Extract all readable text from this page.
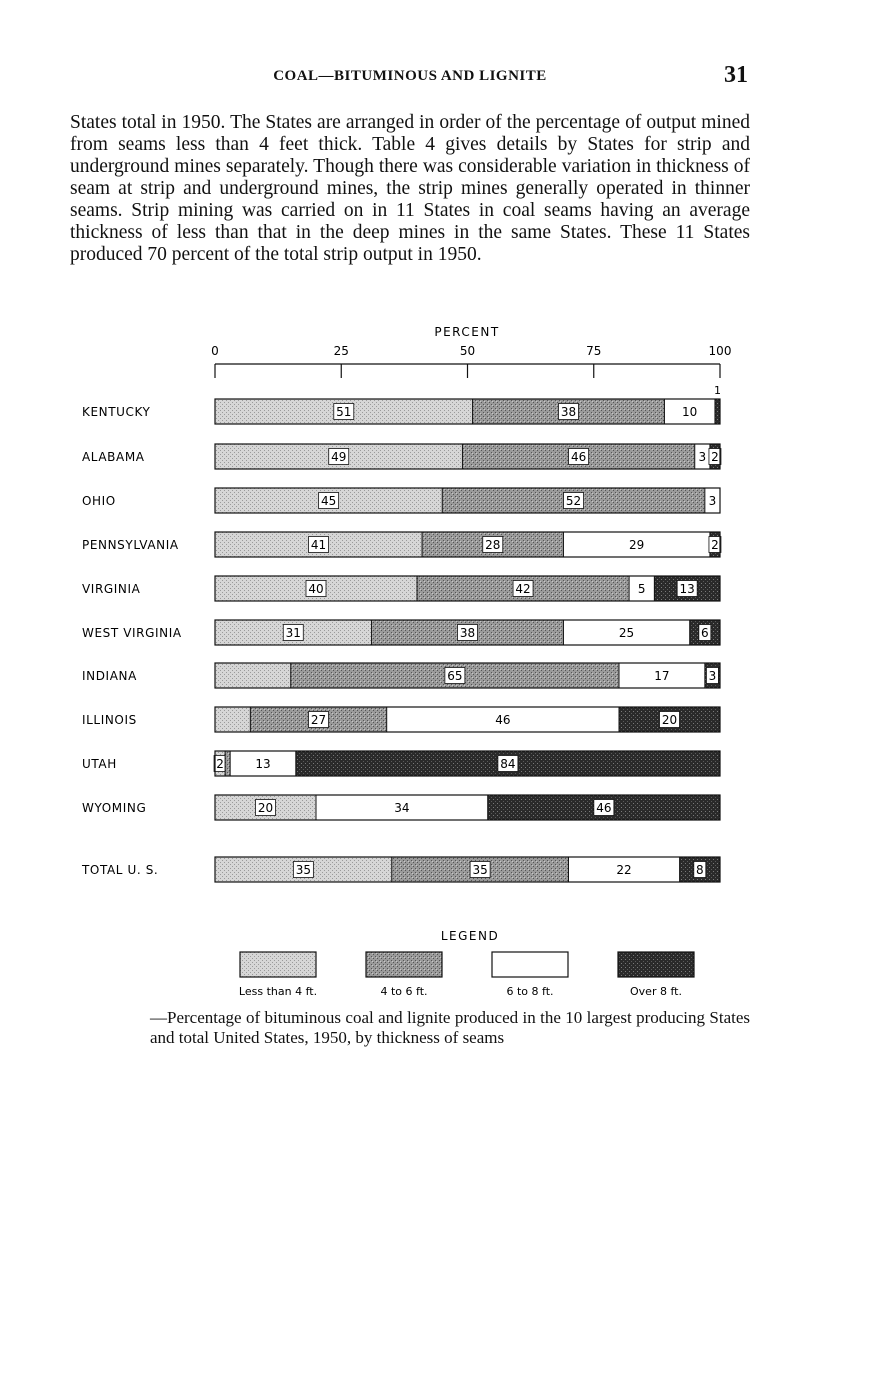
COAL—BITUMINOUS AND LIGNITE	31

States total in 1950. The States are arranged in order of the percentage of output mined from seams less than 4 feet thick. Table 4 gives details by States for strip and underground mines separately. Though there was considerable variation in thickness of seam at strip and underground mines, the strip mines generally operated in thinner seams. Strip mining was carried on in 11 States in coal seams having an average thickness of less than that in the deep mines in the same States. These 11 States produced 70 percent of the total strip output in 1950.

PERCENT
0	25	50	75	100
KENTUCKY	51	38	10
ALABAMA	49	46	3 2
OHIO	45	52	3
PENNSYLVANIA	41	28	29	2
VIRGINIA	40	42	5	13
WEST VIRGINIA	31	38	25	6
INDIANA	65	17	3
ILLINOIS	27	46	20
UTAH	2	13	84
WYOMING	20	34	46
TOTAL U. S.	35	35	22	8
1
LEGEND
Less than 4 ft.	4 to 6 ft.	6 to 8 ft.	Over 8 ft.

—Percentage of bituminous coal and lignite produced in the 10 largest producing States and total United States, 1950, by thickness of seams
